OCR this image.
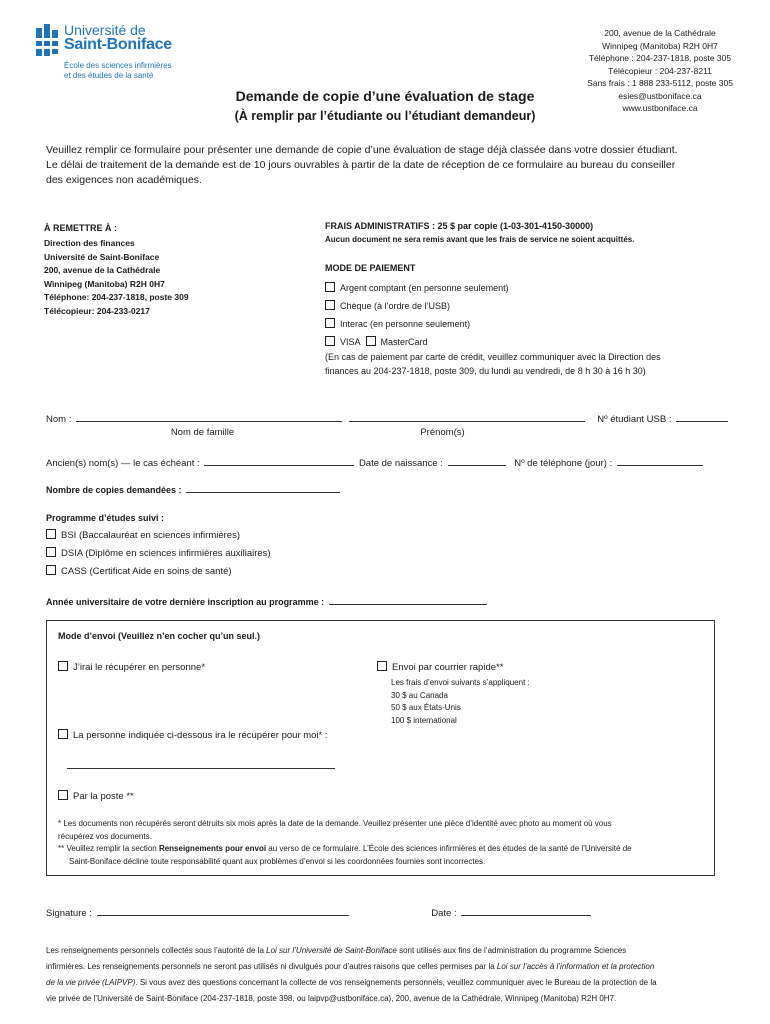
Université de
Saint-Boniface
École des sciences infirmières
et des études de la santé
200, avenue de la Cathédrale
Winnipeg (Manitoba) R2H 0H7
Téléphone : 204-237-1818, poste 305
Télécopieur : 204-237-8211
Sans frais : 1 888 233-5112, poste 305
esies@ustboniface.ca
www.ustboniface.ca
Demande de copie d’une évaluation de stage
(À remplir par l’étudiante ou l’étudiant demandeur)
Veuillez remplir ce formulaire pour présenter une demande de copie d’une évaluation de stage déjà classée dans votre dossier étudiant.
Le délai de traitement de la demande est de 10 jours ouvrables à partir de la date de réception de ce formulaire au bureau du conseiller
des exigences non académiques.
À REMETTRE À :
Direction des finances
Université de Saint-Boniface
200, avenue de la Cathédrale
Winnipeg (Manitoba) R2H 0H7
Téléphone: 204-237-1818, poste 309
Télécopieur: 204-233-0217
FRAIS ADMINISTRATIFS : 25 $ par copie (1-03-301-4150-30000)
Aucun document ne sera remis avant que les frais de service ne soient acquittés.
MODE DE PAIEMENT
Argent comptant (en personne seulement)
Chèque (à l’ordre de l’USB)
Interac (en personne seulement)
VISA MasterCard
(En cas de paiement par carte de crédit, veuillez communiquer avec la Direction des
finances au 204-237-1818, poste 309, du lundi au vendredi, de 8 h 30 à 16 h 30)
Nom :	Nº étudiant USB :
Nom de famille	Prénom(s)
Ancien(s) nom(s) — le cas échéant :	Date de naissance :	Nº de téléphone (jour) :
Nombre de copies demandées :
Programme d’études suivi :
BSI (Baccalauréat en sciences infirmières)
DSIA (Diplôme en sciences infirmières auxiliaires)
CASS (Certificat Aide en soins de santé)
Année universitaire de votre dernière inscription au programme :
Mode d’envoi (Veuillez n’en cocher qu’un seul.)
J’irai le récupérer en personne*	Envoi par courrier rapide**
Les frais d’envoi suivants s’appliquent :
30 $ au Canada
50 $ aux États-Unis
100 $ international
La personne indiquée ci-dessous ira le récupérer pour moi* :
Par la poste **
* Les documents non récupérés seront détruits six mois après la date de la demande. Veuillez présenter une pièce d’identité avec photo au moment où vous
récupérez vos documents.
** Veuillez remplir la section Renseignements pour envoi au verso de ce formulaire. L’École des sciences infirmières et des études de la santé de l’Université de
Saint-Boniface décline toute responsabilité quant aux problèmes d’envoi si les coordonnées fournies sont incorrectes.
Signature :	Date :
Les renseignements personnels collectés sous l’autorité de la Loi sur l’Université de Saint-Boniface sont utilisés aux fins de l’administration du programme Sciences
infirmières. Les renseignements personnels ne seront pas utilisés ni divulgués pour d’autres raisons que celles permises par la Loi sur l’accès à l’information et la protection
de la vie privée (LAIPVP). Si vous avez des questions concernant la collecte de vos renseignements personnels, veuillez communiquer avec le Bureau de la protection de la
vie privée de l’Université de Saint-Boniface (204-237-1818, poste 398, ou laipvp@ustboniface.ca), 200, avenue de la Cathédrale, Winnipeg (Manitoba) R2H 0H7.
